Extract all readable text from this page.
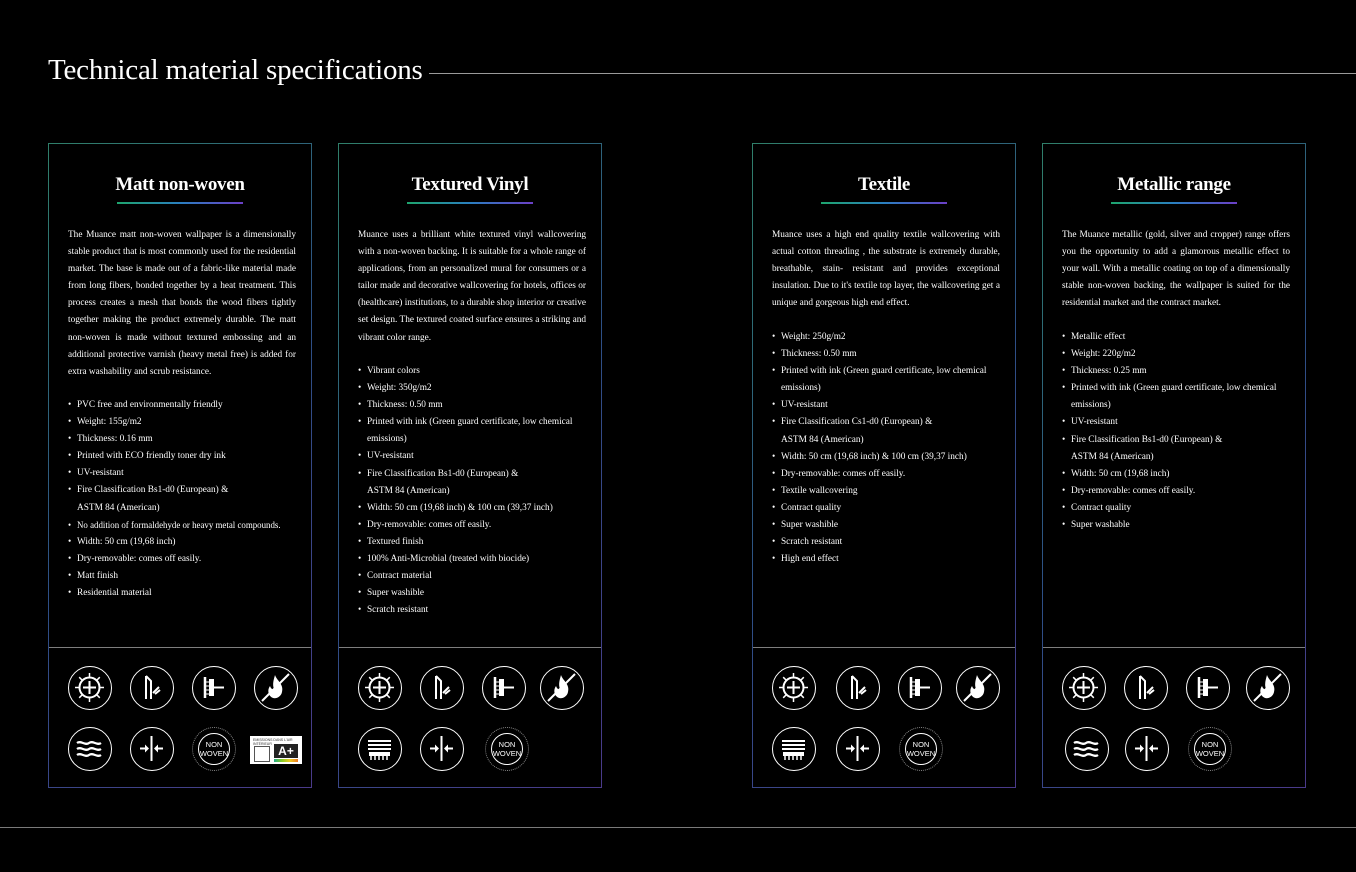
Technical material specifications
Matt non-woven
The Muance matt non-woven wallpaper is a dimensionally stable product that is most commonly used for the residential market. The base is made out of a fabric-like material made from long fibers, bonded together by a heat treatment. This process creates a mesh that bonds the wood fibers tightly together making the product extremely durable. The matt non-woven is made without textured embossing and an additional protective varnish (heavy metal free) is added for extra washability and scrub resistance.
• PVC free and environmentally friendly
• Weight: 155g/m2
• Thickness: 0.16 mm
• Printed with ECO friendly toner dry ink
• UV-resistant
• Fire Classification Bs1-d0 (European) & ASTM 84 (American)
• No addition of formaldehyde or heavy metal compounds.
• Width: 50 cm (19,68 inch)
• Dry-removable: comes off easily.
• Matt finish
• Residential material
NON WOVEN
EMISSIONS DANS L'AIR INTÉRIEUR A+
Textured Vinyl
Muance uses a brilliant white textured vinyl wallcovering with a non-woven backing. It is suitable for a whole range of applications, from an personalized mural for consumers or a tailor made and decorative wallcovering for hotels, offices or (healthcare) institutions, to a durable shop interior or creative set design. The textured coated surface ensures a striking and vibrant color range.
• Vibrant colors
• Weight: 350g/m2
• Thickness: 0.50 mm
• Printed with ink (Green guard certificate, low chemical emissions)
• UV-resistant
• Fire Classification Bs1-d0 (European) & ASTM 84 (American)
• Width: 50 cm (19,68 inch) & 100 cm (39,37 inch)
• Dry-removable: comes off easily.
• Textured finish
• 100% Anti-Microbial (treated with biocide)
• Contract material
• Super washible
• Scratch resistant
NON WOVEN
Textile
Muance uses a high end quality textile wallcovering with actual cotton threading , the substrate is extremely durable, breathable, stain- resistant and provides exceptional insulation. Due to it's textile top layer, the wallcovering get a unique and gorgeous high end effect.
• Weight: 250g/m2
• Thickness: 0.50 mm
• Printed with ink (Green guard certificate, low chemical emissions)
• UV-resistant
• Fire Classification Cs1-d0 (European) & ASTM 84 (American)
• Width: 50 cm (19,68 inch) & 100 cm (39,37 inch)
• Dry-removable: comes off easily.
• Textile wallcovering
• Contract quality
• Super washible
• Scratch resistant
• High end effect
NON WOVEN
Metallic range
The Muance metallic (gold, silver and cropper) range offers you the opportunity to add a glamorous metallic effect to your wall. With a metallic coating on top of a dimensionally stable non-woven backing, the wallpaper is suited for the residential market and the contract market.
• Metallic effect
• Weight: 220g/m2
• Thickness: 0.25 mm
• Printed with ink (Green guard certificate, low chemical emissions)
• UV-resistant
• Fire Classification Bs1-d0 (European) & ASTM 84 (American)
• Width: 50 cm (19,68 inch)
• Dry-removable: comes off easily.
• Contract quality
• Super washable
NON WOVEN
